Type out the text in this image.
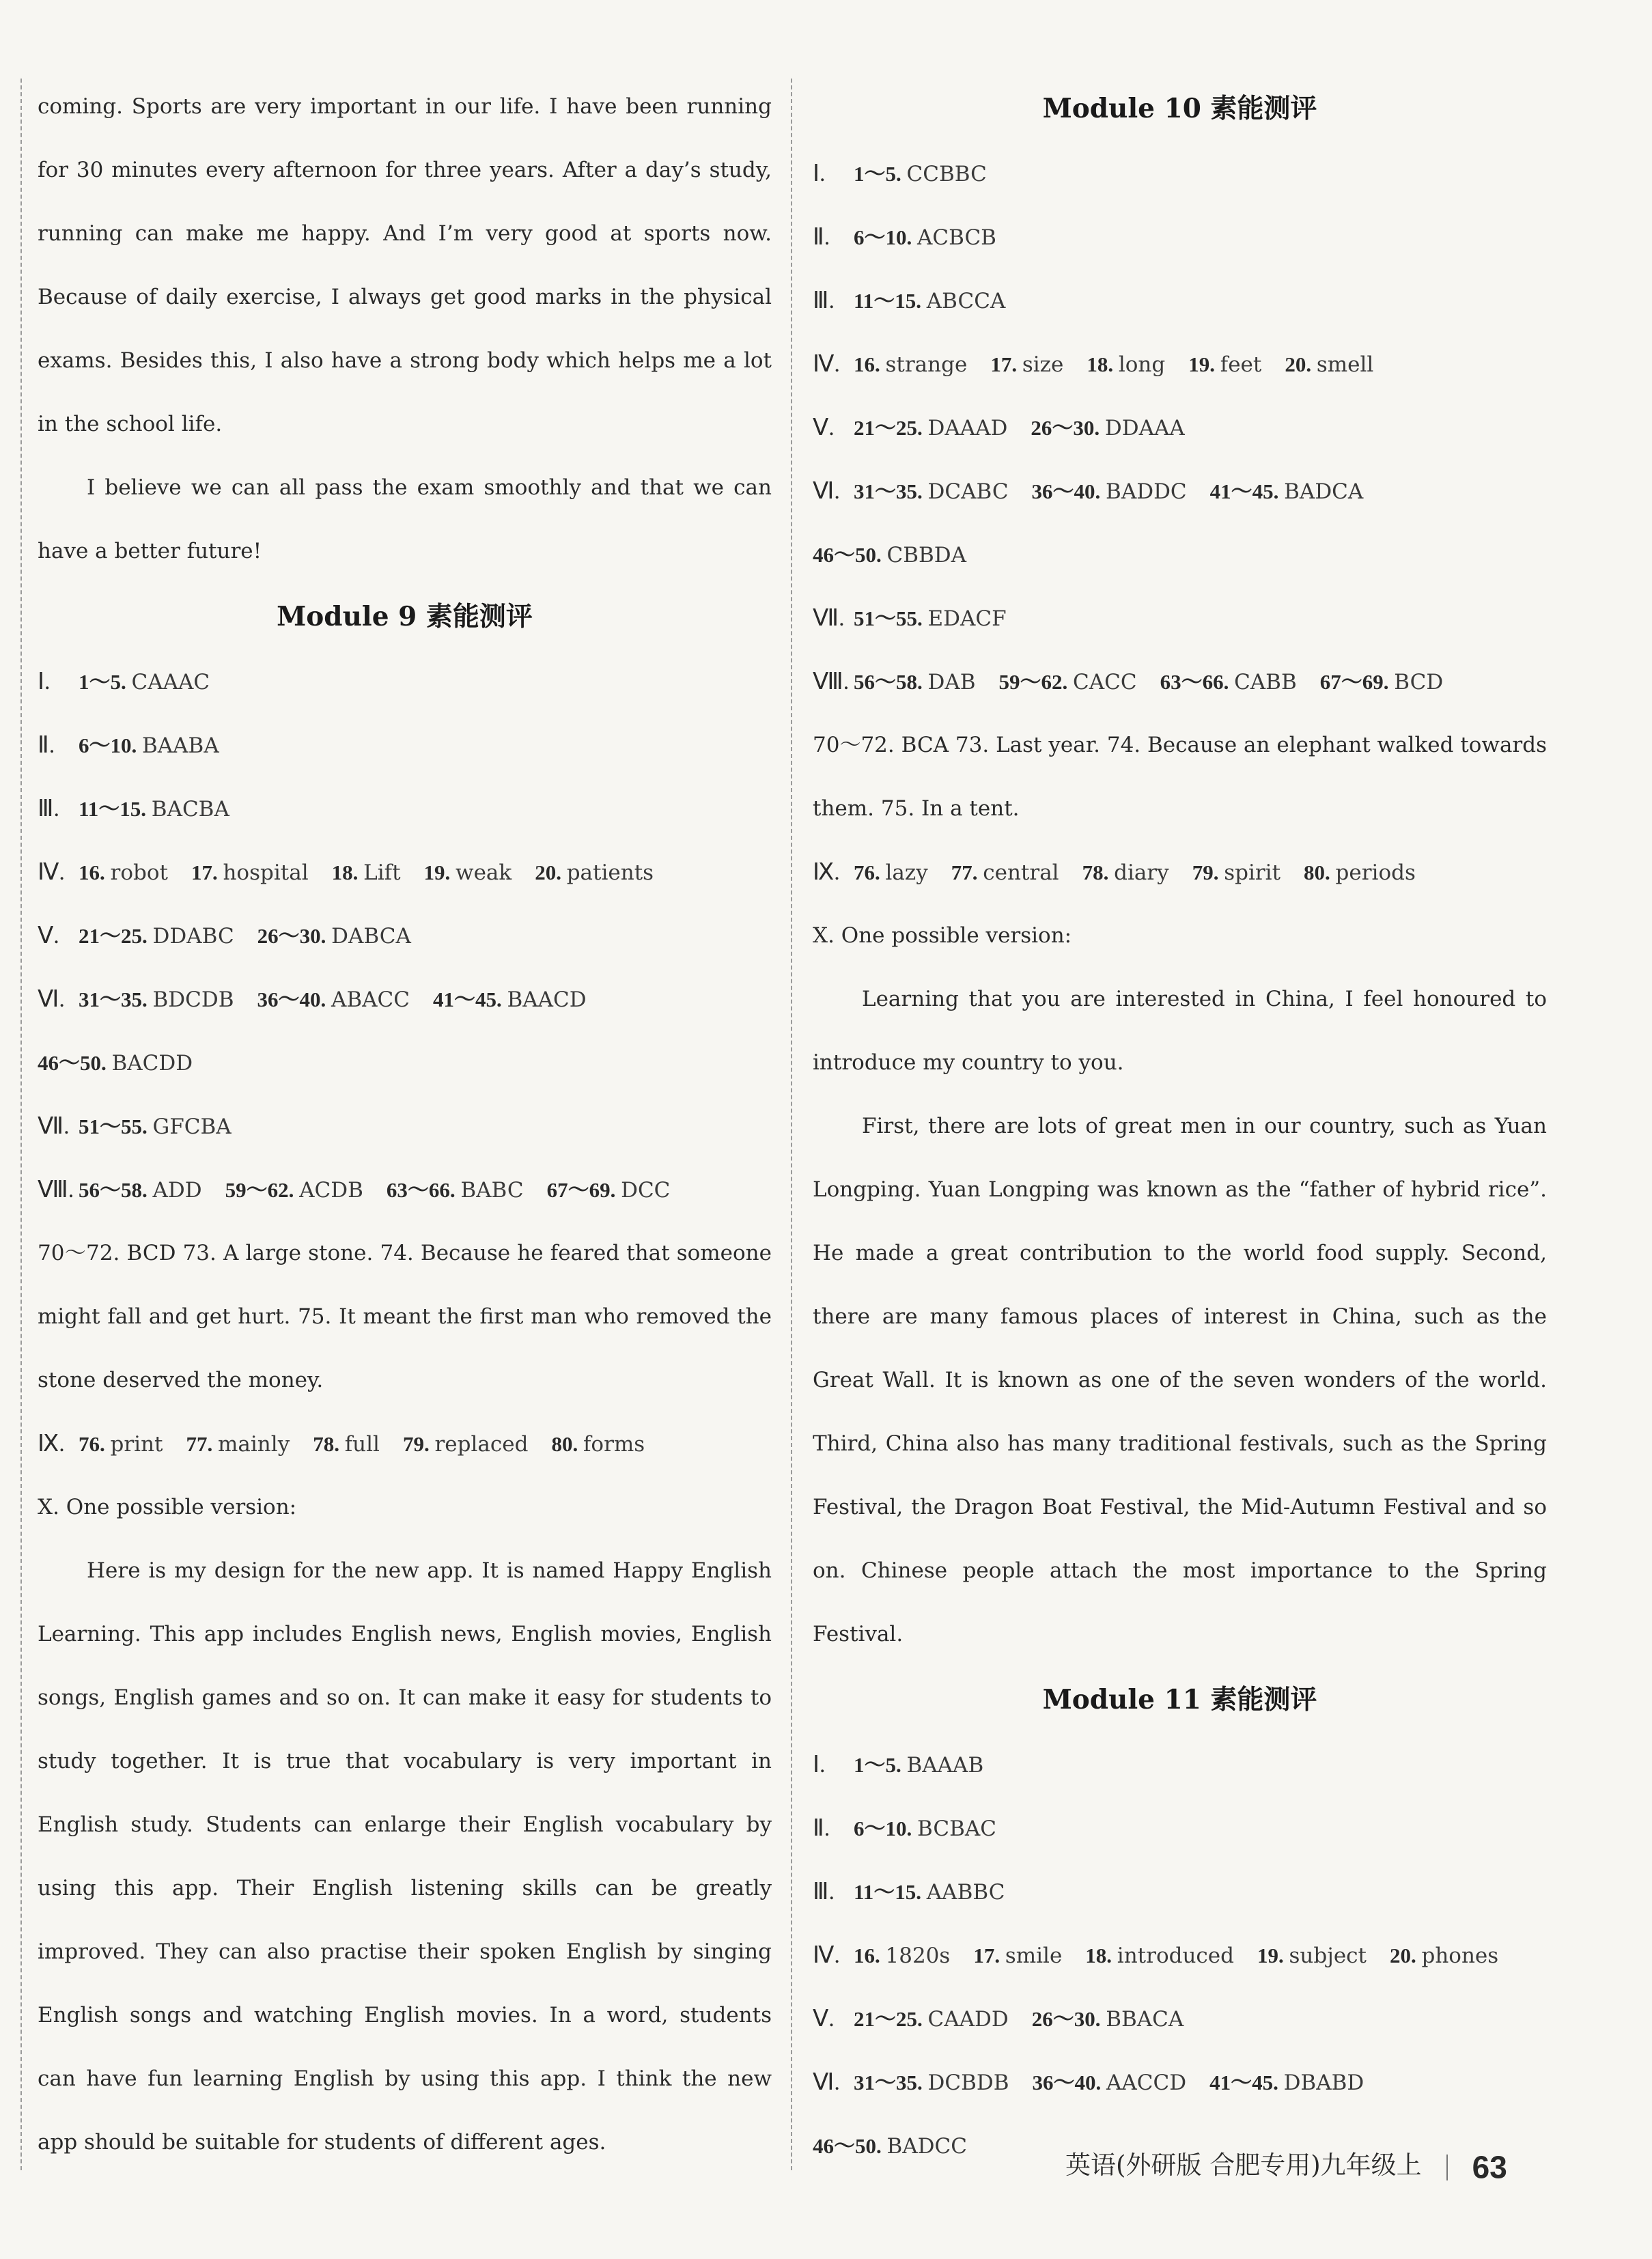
coming. Sports are very important in our life. I have been running for 30 minutes every afternoon for three years. After a day’s study, running can make me happy. And I’m very good at sports now. Because of daily exercise, I always get good marks in the physical exams. Besides this, I also have a strong body which helps me a lot in the school life.

I believe we can all pass the exam smoothly and that we can have a better future!

Module 9 素能测评
Ⅰ.1～5. CAAAC
Ⅱ.6～10. BAABA
Ⅲ.11～15. BACBA
Ⅳ.16. robot 17. hospital 18. Lift 19. weak 20. patients
Ⅴ.21～25. DDABC 26～30. DABCA
Ⅵ.31～35. BDCDB 36～40. ABACC 41～45. BAACD
46～50. BACDD
Ⅶ.51～55. GFCBA
Ⅷ.56～58. ADD 59～62. ACDB 63～66. BABC 67～69. DCC

70～72. BCD 73. A large stone. 74. Because he feared that someone might fall and get hurt. 75. It meant the first man who removed the stone deserved the money.

Ⅸ.76. print 77. mainly 78. full 79. replaced 80. forms
Ⅹ. One possible version:

Here is my design for the new app. It is named Happy English Learning. This app includes English news, English movies, English songs, English games and so on. It can make it easy for students to study together. It is true that vocabulary is very important in English study. Students can enlarge their English vocabulary by using this app. Their English listening skills can be greatly improved. They can also practise their spoken English by singing English songs and watching English movies. In a word, students can have fun learning English by using this app. I think the new app should be suitable for students of different ages.

Module 10 素能测评
Ⅰ.1～5. CCBBC
Ⅱ.6～10. ACBCB
Ⅲ.11～15. ABCCA
Ⅳ.16. strange 17. size 18. long 19. feet 20. smell
Ⅴ.21～25. DAAAD 26～30. DDAAA
Ⅵ.31～35. DCABC 36～40. BADDC 41～45. BADCA
46～50. CBBDA
Ⅶ.51～55. EDACF
Ⅷ.56～58. DAB 59～62. CACC 63～66. CABB 67～69. BCD

70～72. BCA 73. Last year. 74. Because an elephant walked towards them. 75. In a tent.

Ⅸ.76. lazy 77. central 78. diary 79. spirit 80. periods
Ⅹ. One possible version:

Learning that you are interested in China, I feel honoured to introduce my country to you.

First, there are lots of great men in our country, such as Yuan Longping. Yuan Longping was known as the “father of hybrid rice”. He made a great contribution to the world food supply. Second, there are many famous places of interest in China, such as the Great Wall. It is known as one of the seven wonders of the world. Third, China also has many traditional festivals, such as the Spring Festival, the Dragon Boat Festival, the Mid-Autumn Festival and so on. Chinese people attach the most importance to the Spring Festival.

Module 11 素能测评
Ⅰ.1～5. BAAAB
Ⅱ.6～10. BCBAC
Ⅲ.11～15. AABBC
Ⅳ.16. 1820s 17. smile 18. introduced 19. subject 20. phones
Ⅴ.21～25. CAADD 26～30. BBACA
Ⅵ.31～35. DCBDB 36～40. AACCD 41～45. DBABD
46～50. BADCC
英语(外研版 合肥专用)九年级上 63
